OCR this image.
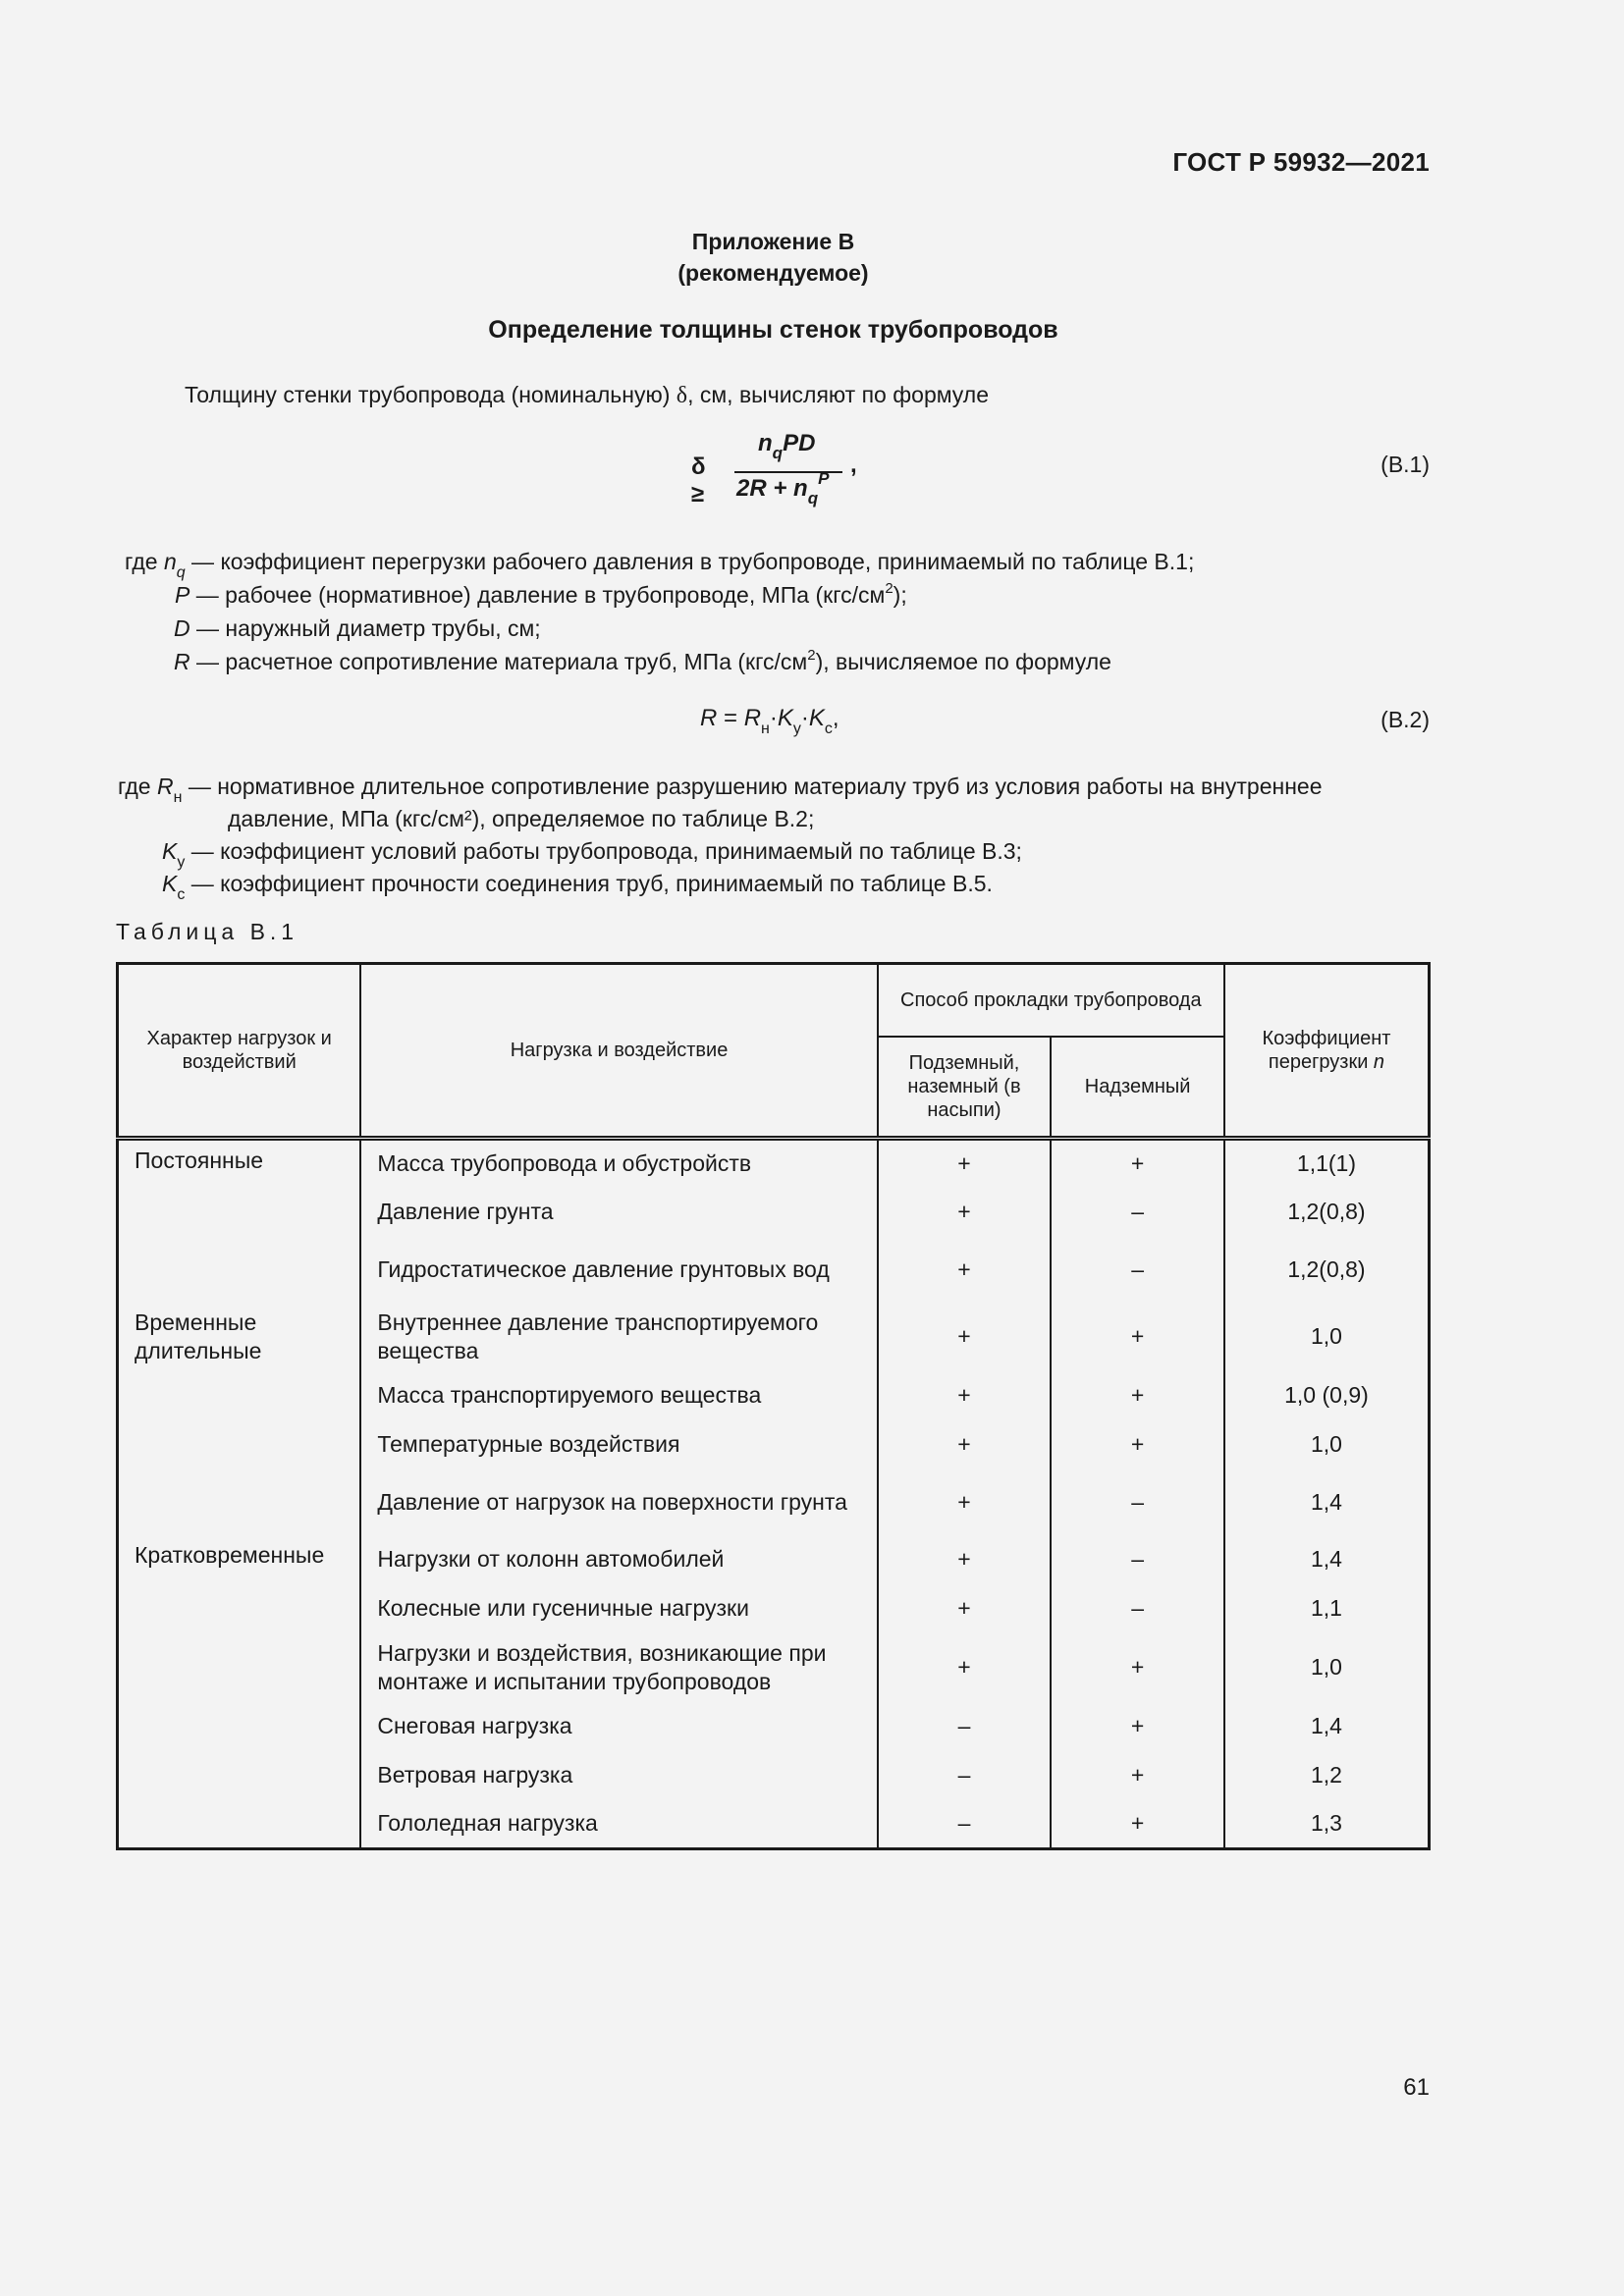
ГОСТ Р 59932—2021
Приложение В
(рекомендуемое)
Определение толщины стенок трубопроводов
Толщину стенки трубопровода (номинальную) δ, см, вычисляют по формуле
δ ≥
$n_qPD$
$2R + n_q^P$
,	(В.1)
где $n_q$ — коэффициент перегрузки рабочего давления в трубопроводе, принимаемый по таблице В.1;
P — рабочее (нормативное) давление в трубопроводе, МПа $(кгс/см^2)$;
D — наружный диаметр трубы, см;
R — расчетное сопротивление материала труб, МПа $(кгс/см^2)$, вычисляемое по формуле
$R = R_н\cdot K_у\cdot K_с$,	(В.2)
где $R_н$ — нормативное длительное сопротивление разрушению материалу труб из условия работы на внутреннее
давление, МПа (кгс/см²), определяемое по таблице В.2;
$K_у$ — коэффициент условий работы трубопровода, принимаемый по таблице В.3;
$K_с$ — коэффициент прочности соединения труб, принимаемый по таблице В.5.
Таблица В.1
Характер нагрузок и воздействий	Нагрузка и воздействие	Способ прокладки трубопровода		Коэффициент перегрузки n
		Подземный, наземный (в насыпи)	Надземный	
Постоянные	Масса трубопровода и обустройств	+	+	1,1(1)
	Давление грунта	+	–	1,2(0,8)
	Гидростатическое давление грунтовых вод	+	–	1,2(0,8)
Временные длительные	Внутреннее давление транспортируемого вещества	+	+	1,0
	Масса транспортируемого вещества	+	+	1,0 (0,9)
	Температурные воздействия	+	+	1,0
	Давление от нагрузок на поверхности грунта	+	–	1,4
Кратковременные	Нагрузки от колонн автомобилей	+	–	1,4
	Колесные или гусеничные нагрузки	+	–	1,1
	Нагрузки и воздействия, возникающие при монтаже и испытании трубопроводов	+	+	1,0
	Снеговая нагрузка	–	+	1,4
	Ветровая нагрузка	–	+	1,2
	Гололедная нагрузка	–	+	1,3
61
